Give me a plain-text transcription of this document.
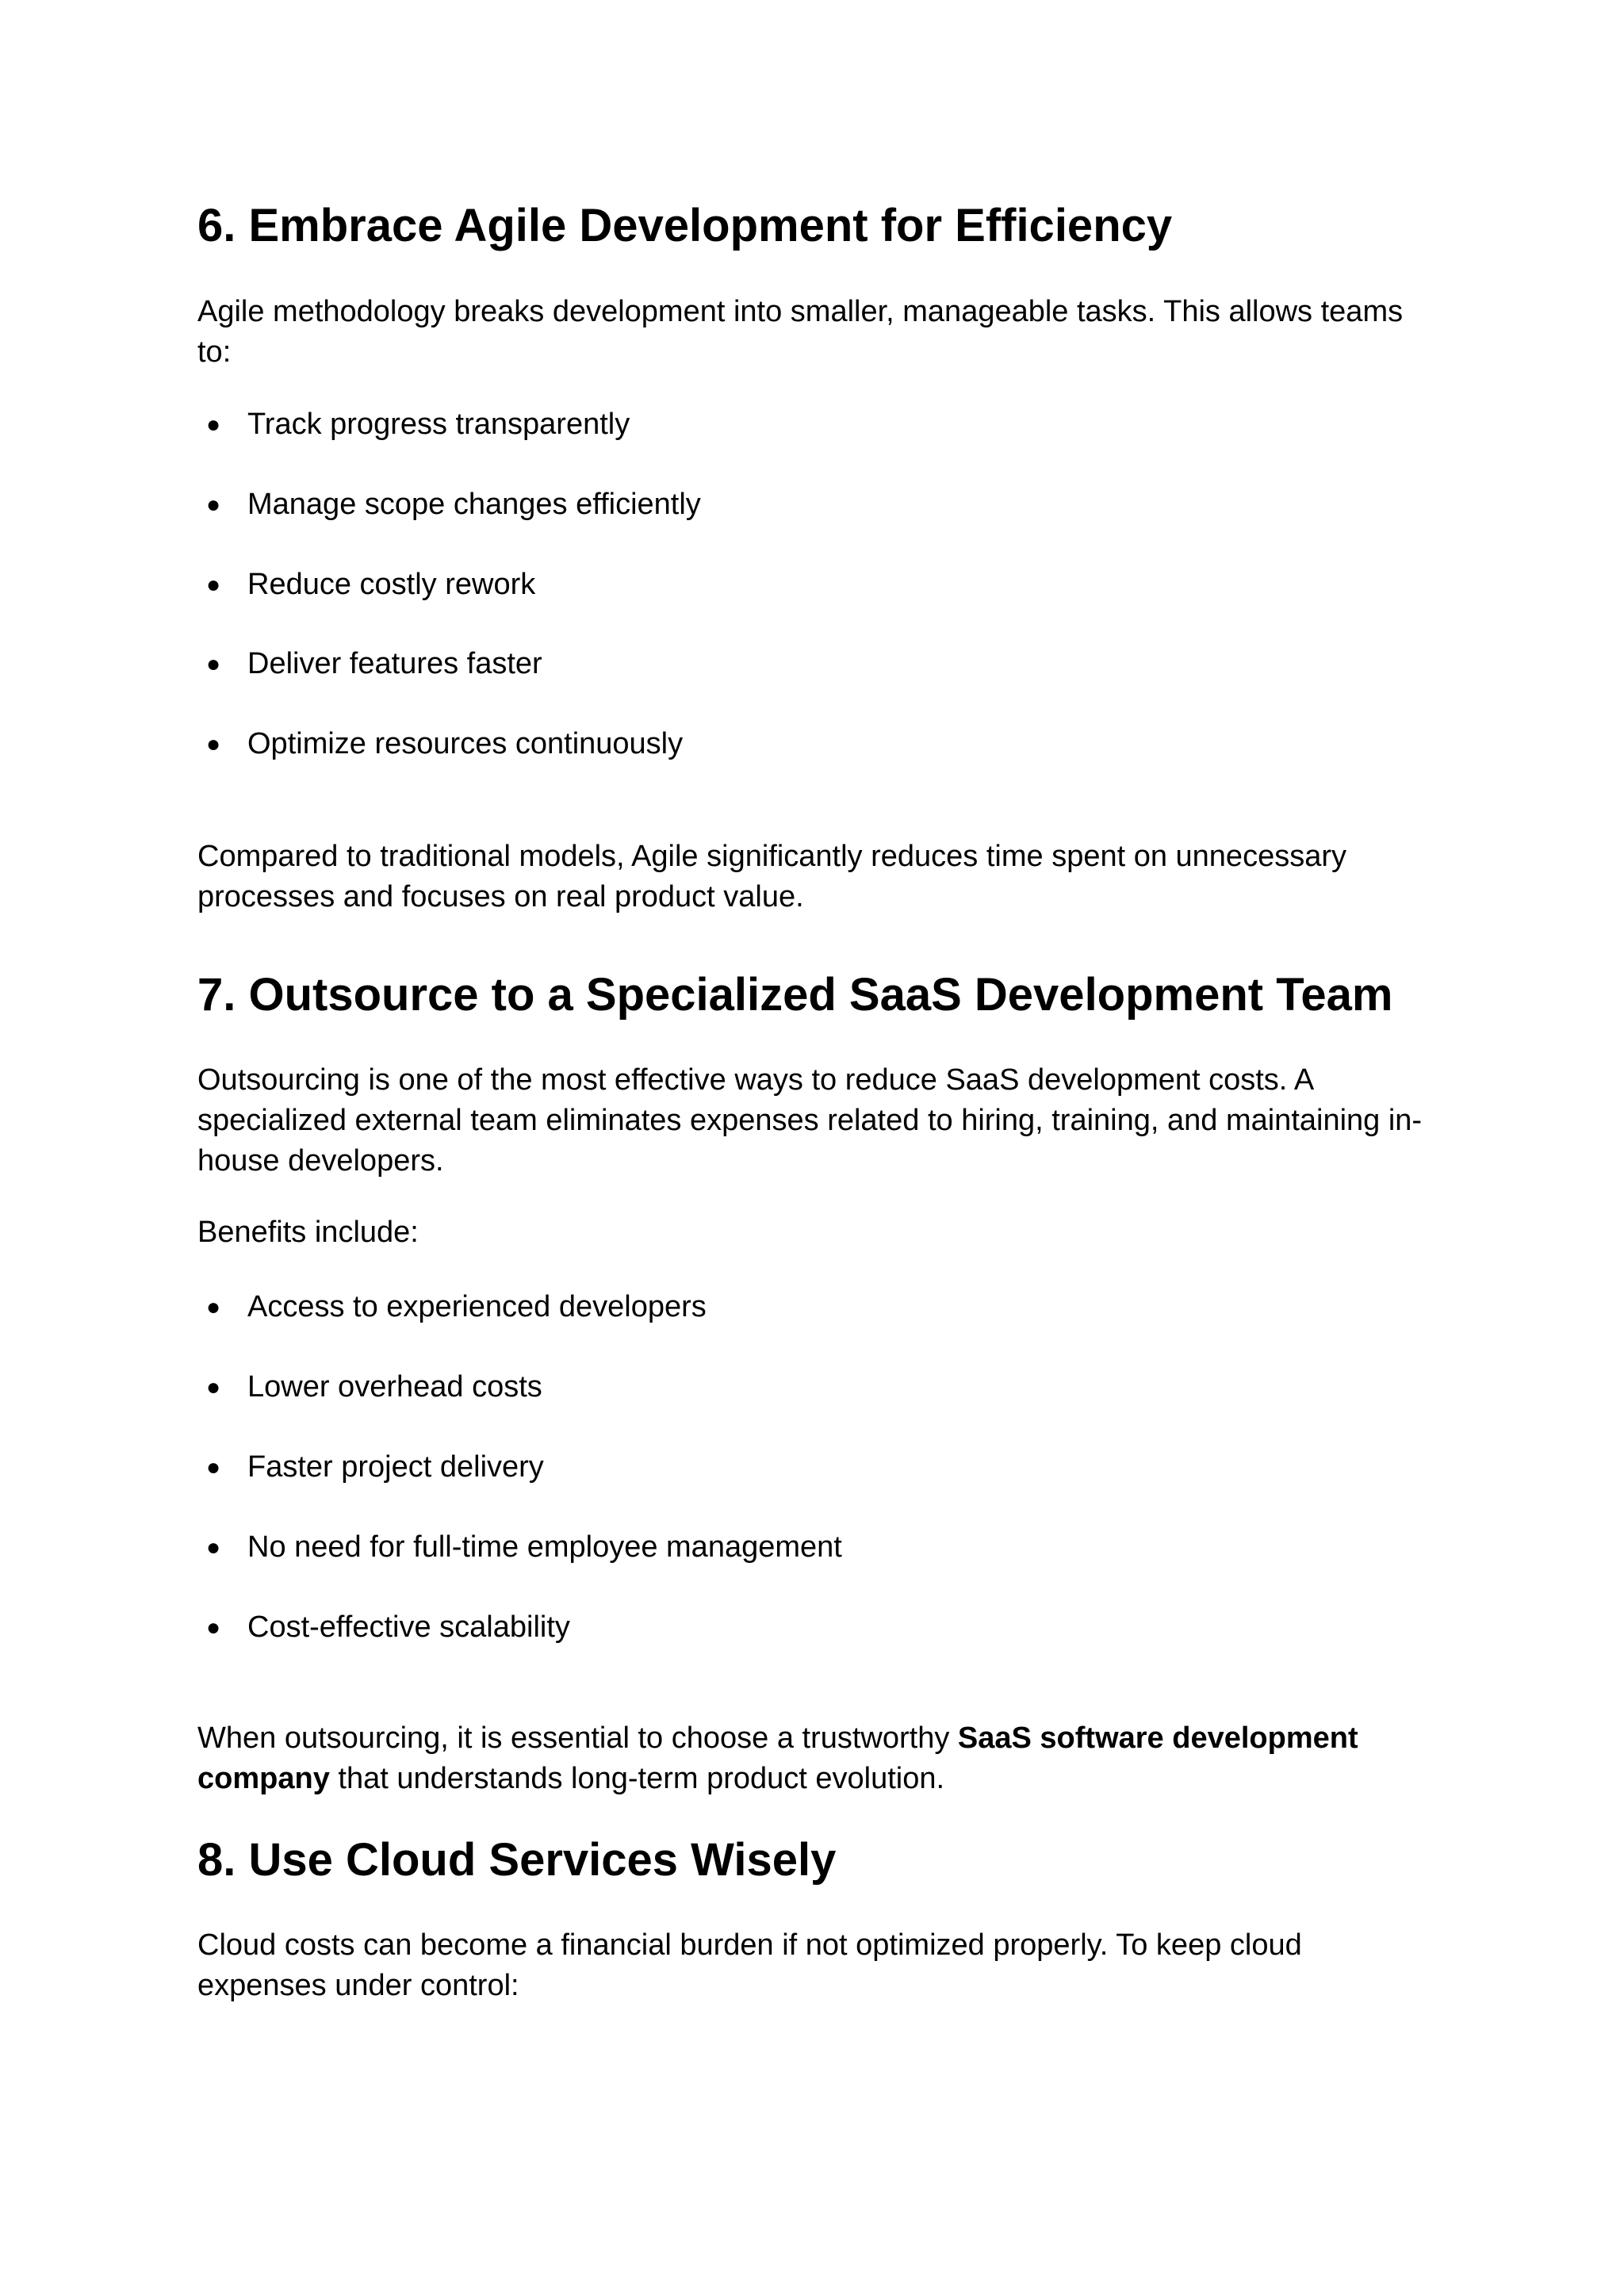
6. Embrace Agile Development for Efficiency

Agile methodology breaks development into smaller, manageable tasks. This allows teams to:

● Track progress transparently
● Manage scope changes efficiently
● Reduce costly rework
● Deliver features faster
● Optimize resources continuously

Compared to traditional models, Agile significantly reduces time spent on unnecessary processes and focuses on real product value.

7. Outsource to a Specialized SaaS Development Team

Outsourcing is one of the most effective ways to reduce SaaS development costs. A specialized external team eliminates expenses related to hiring, training, and maintaining in-house developers.

Benefits include:

● Access to experienced developers
● Lower overhead costs
● Faster project delivery
● No need for full-time employee management
● Cost-effective scalability

When outsourcing, it is essential to choose a trustworthy SaaS software development company that understands long-term product evolution.

8. Use Cloud Services Wisely

Cloud costs can become a financial burden if not optimized properly. To keep cloud expenses under control:
